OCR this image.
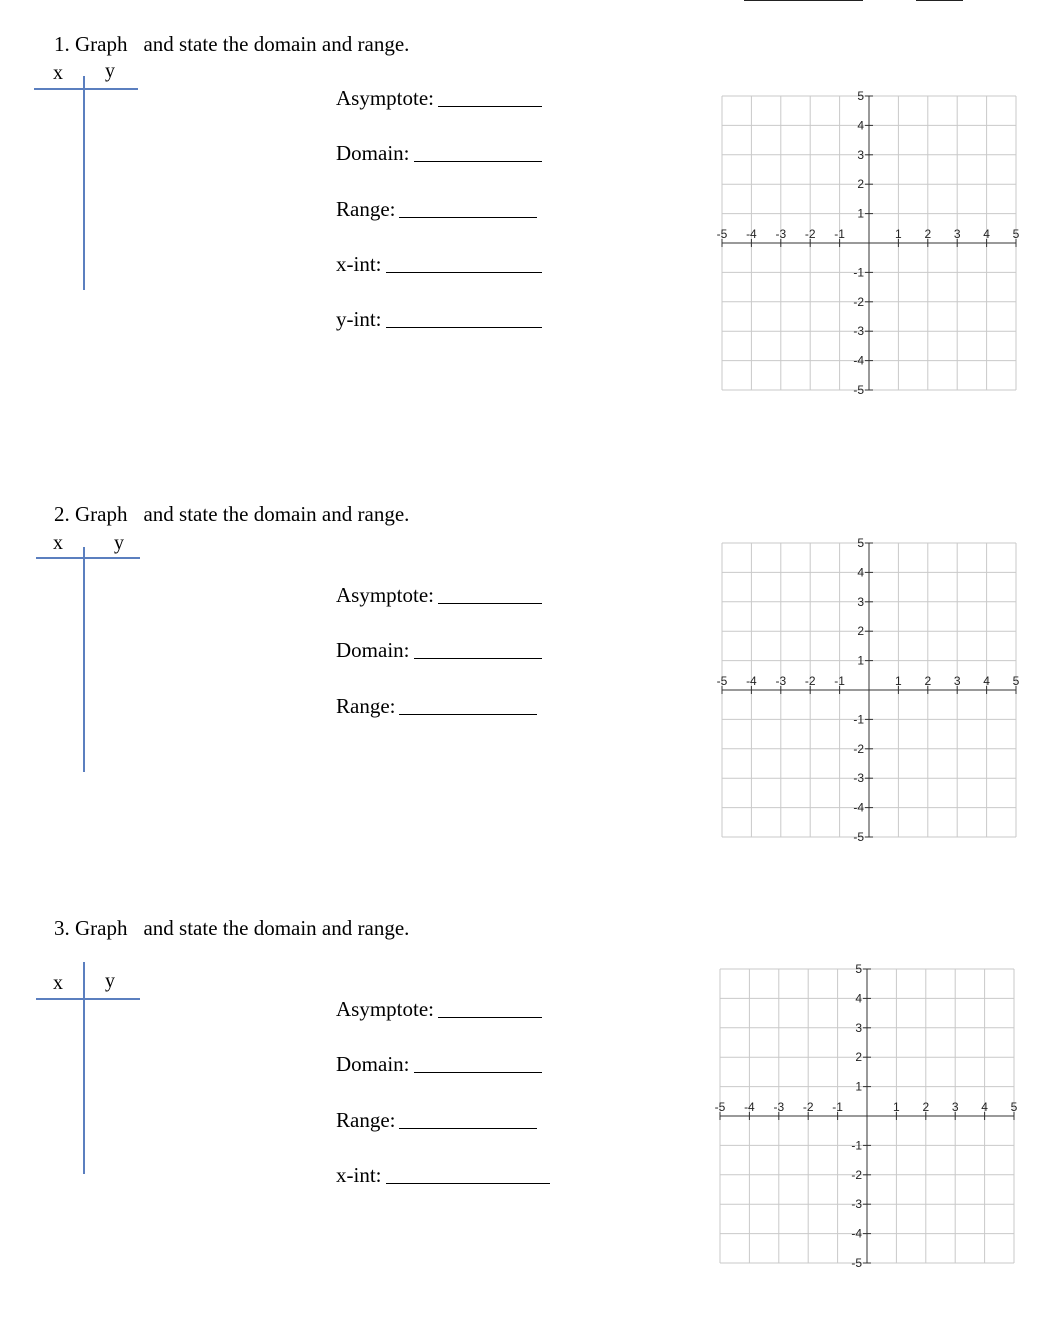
1. Graph and state the domain and range.
x y
Asymptote:
Domain:
Range:
x-int:
y-int:
-5 -4 -3 -2 -1	1 2 3 4 5
5
4
3
2
1
-1
-2
-3
-4
-5
2. Graph and state the domain and range.
x	y
Asymptote:
Domain:
Range:
-5 -4 -3 -2 -1	1 2 3 4 5
5
4
3
2
1
-1
-2
-3
-4
-5
3. Graph and state the domain and range.
x y
Asymptote:
Domain:
Range:
x-int:
-5 -4 -3 -2 -1	1 2 3 4 5
5
4
3
2
1
-1
-2
-3
-4
-5
